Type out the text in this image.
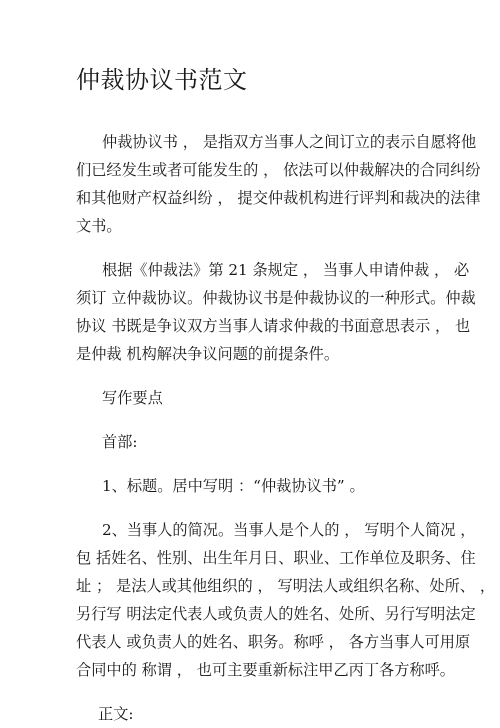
仲裁协议书范文
仲裁协议书 ， 是指双方当事人之间订立的表示自愿将他
们已经发生或者可能发生的 ， 依法可以仲裁解决的合同纠纷
和其他财产权益纠纷 ， 提交仲裁机构进行评判和裁决的法律
文书。
根据《仲裁法》第 21 条规定 ， 当事人申请仲裁 ， 必
须订 立仲裁协议。仲裁协议书是仲裁协议的一种形式。仲裁
协议 书既是争议双方当事人请求仲裁的书面意思表示 ， 也
是仲裁 机构解决争议问题的前提条件。
写作要点
首部:
1、标题。居中写明 ：“仲裁协议书” 。
2、当事人的简况。当事人是个人的 ， 写明个人简况 ，
包 括姓名、性别、出生年月日、职业、工作单位及职务、住
址 ； 是法人或其他组织的 ， 写明法人或组织名称、处所、 ，
另行写 明法定代表人或负责人的姓名、处所、另行写明法定
代表人 或负责人的姓名、职务。称呼 ， 各方当事人可用原
合同中的 称谓 ， 也可主要重新标注甲乙丙丁各方称呼。
正文:
